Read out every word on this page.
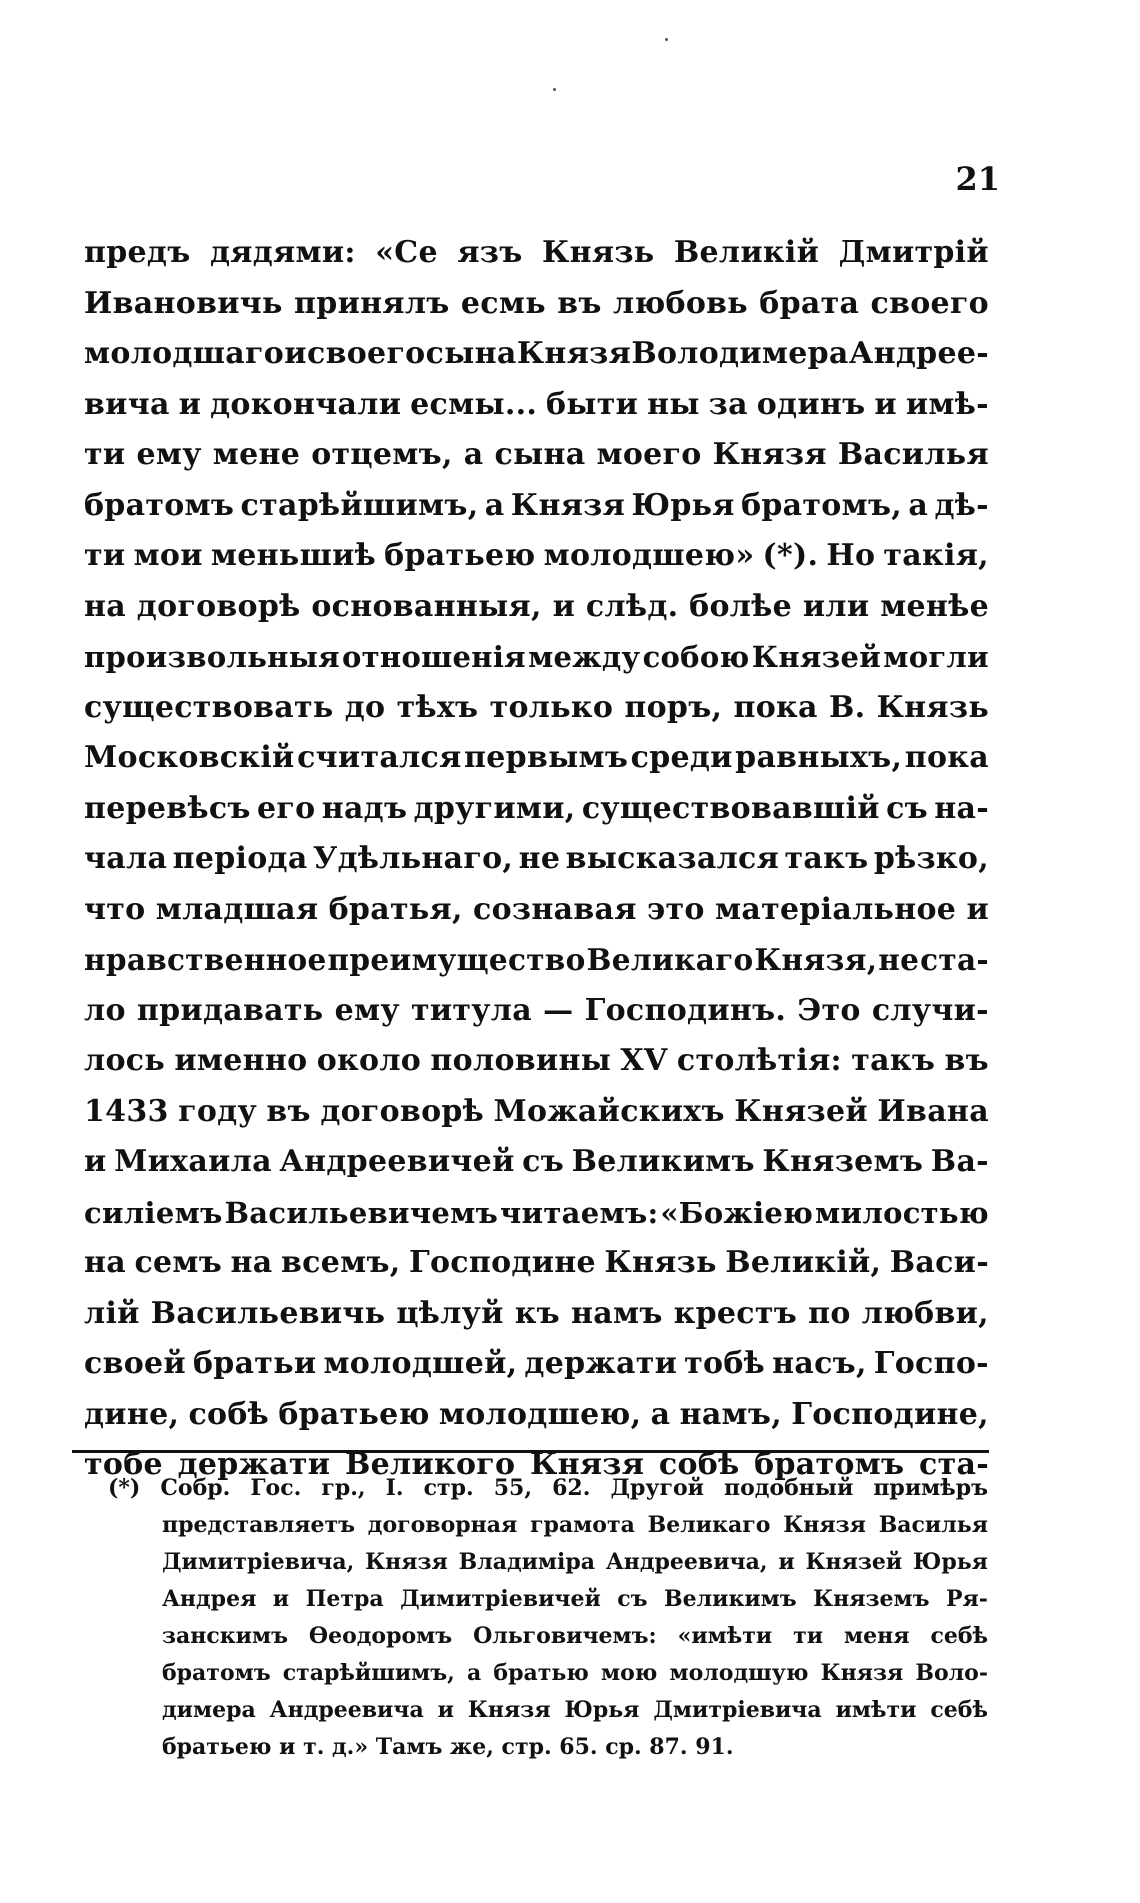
21
предъ дядями: «Се язъ Князь Великій Дмитрій
Ивановичь принялъ есмь въ любовь брата своего
молодшаго и своего сына Князя Володимера Андрее-
вича и докончали есмы... быти ны за одинъ и имѣ-
ти ему мене отцемъ, а сына моего Князя Василья
братомъ старѣйшимъ, а Князя Юрья братомъ, а дѣ-
ти мои меньшиѣ братьею молодшею» (*). Но такія,
на договорѣ основанныя, и слѣд. болѣе или менѣе
произвольныя отношенія между собою Князей могли
существовать до тѣхъ только поръ, пока В. Князь
Московскій считался первымъ среди равныхъ, пока
перевѣсъ его надъ другими, существовавшій съ на-
чала періода Удѣльнаго, не высказался такъ рѣзко,
что младшая братья, сознавая это матеріальное и
нравственное преимущество Великаго Князя, не ста-
ло придавать ему титула — Господинъ. Это случи-
лось именно около половины XV столѣтія: такъ въ
1433 году въ договорѣ Можайскихъ Князей Ивана
и Михаила Андреевичей съ Великимъ Княземъ Ва-
силіемъ Васильевичемъ читаемъ: «Божіею милостью
на семъ на всемъ, Господине Князь Великій, Васи-
лій Васильевичь цѣлуй къ намъ крестъ по любви,
своей братьи молодшей, держати тобѣ насъ, Госпо-
дине, собѣ братьею молодшею, а намъ, Господине,
тобе держати Великого Князя собѣ братомъ ста-
(*) Собр. Гос. гр., I. стр. 55, 62. Другой подобный примѣръ
представляетъ договорная грамота Великаго Князя Василья
Димитріевича, Князя Владиміра Андреевича, и Князей Юрья
Андрея и Петра Димитріевичей съ Великимъ Княземъ Ря-
занскимъ Ѳеодоромъ Ольговичемъ: «имѣти ти меня себѣ
братомъ старѣйшимъ, а братью мою молодшую Князя Воло-
димера Андреевича и Князя Юрья Дмитріевича имѣти себѣ
братьею и т. д.» Тамъ же, стр. 65. ср. 87. 91.
